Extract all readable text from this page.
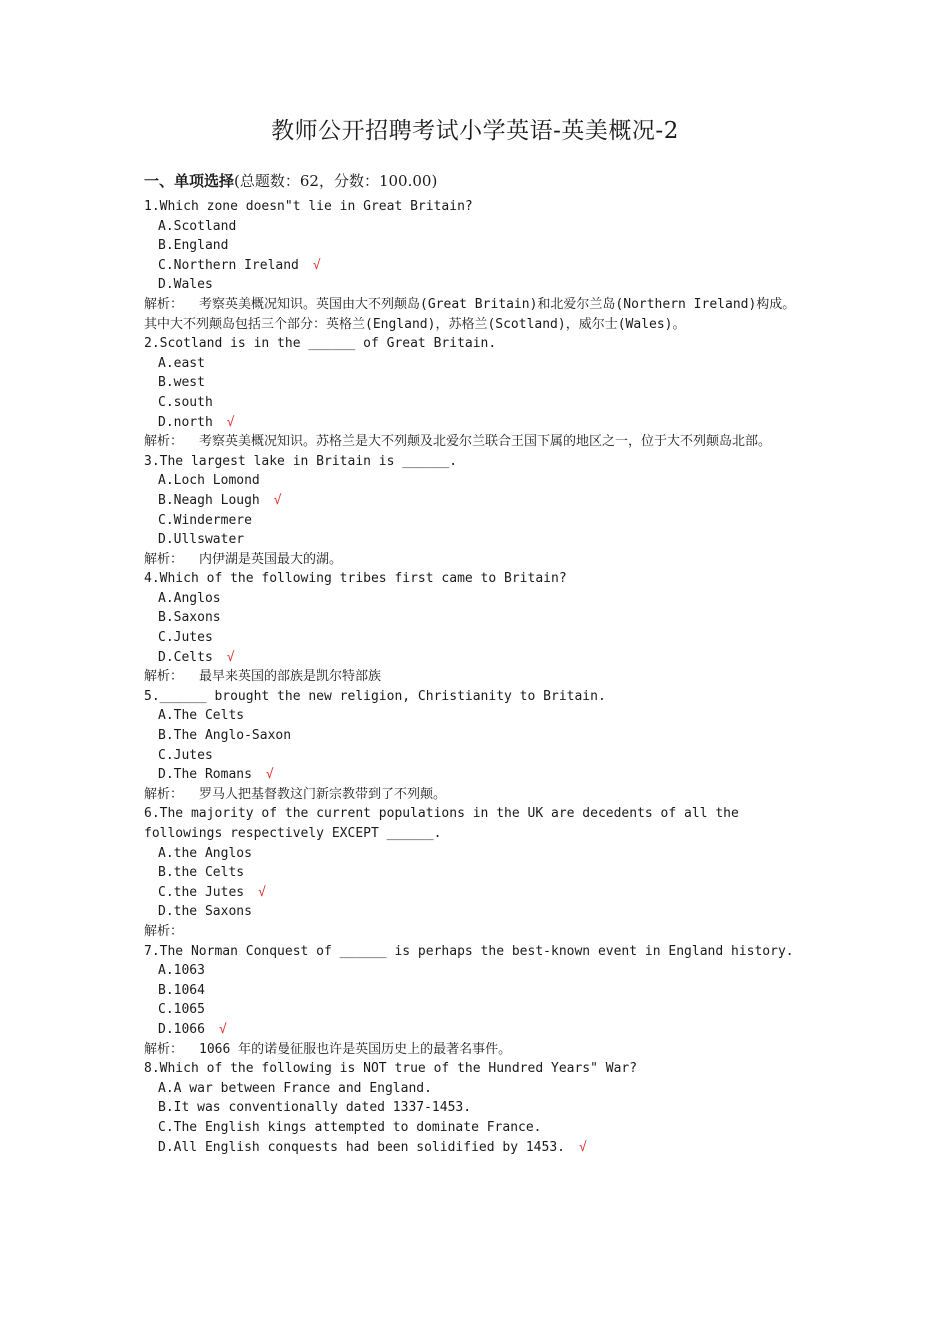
教师公开招聘考试小学英语-英美概况-2
一、单项选择(总题数：62，分数：100.00)
1.Which zone doesn"t lie in Great Britain?
A.Scotland
B.England
C.Northern Ireland √
D.Wales
解析： 考察英美概况知识。英国由大不列颠岛(Great Britain)和北爱尔兰岛(Northern Ireland)构成。其中大不列颠岛包括三个部分：英格兰(England)，苏格兰(Scotland)，威尔士(Wales)。
2.Scotland is in the ______ of Great Britain.
A.east
B.west
C.south
D.north √
解析： 考察英美概况知识。苏格兰是大不列颠及北爱尔兰联合王国下属的地区之一，位于大不列颠岛北部。
3.The largest lake in Britain is ______.
A.Loch Lomond
B.Neagh Lough √
C.Windermere
D.Ullswater
解析： 内伊湖是英国最大的湖。
4.Which of the following tribes first came to Britain?
A.Anglos
B.Saxons
C.Jutes
D.Celts √
解析： 最早来英国的部族是凯尔特部族
5.______ brought the new religion, Christianity to Britain.
A.The Celts
B.The Anglo-Saxon
C.Jutes
D.The Romans √
解析： 罗马人把基督教这门新宗教带到了不列颠。
6.The majority of the current populations in the UK are decedents of all the followings respectively EXCEPT ______.
A.the Anglos
B.the Celts
C.the Jutes √
D.the Saxons
解析：
7.The Norman Conquest of ______ is perhaps the best-known event in England history.
A.1063
B.1064
C.1065
D.1066 √
解析： 1066 年的诺曼征服也许是英国历史上的最著名事件。
8.Which of the following is NOT true of the Hundred Years" War?
A.A war between France and England.
B.It was conventionally dated 1337-1453.
C.The English kings attempted to dominate France.
D.All English conquests had been solidified by 1453. √
